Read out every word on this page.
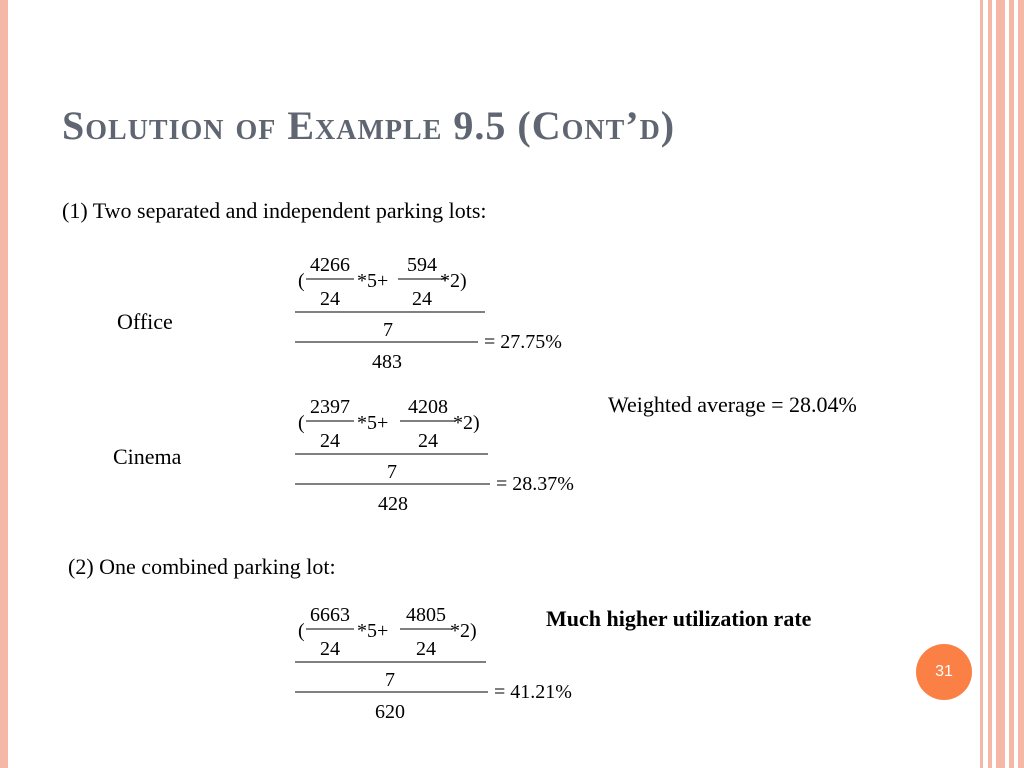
Solution of Example 9.5 (Cont’d)
(1) Two separated and independent parking lots:
Office
Cinema
Weighted average = 28.04%
(2) One combined parking lot:
Much higher utilization rate
(
4266
24
*5+
594
24
*2)
7
= 27.75%
483
(
2397
24
*5+
4208
24
*2)
7
= 28.37%
428
(
6663
24
*5+
4805
24
*2)
7
= 41.21%
620
31
